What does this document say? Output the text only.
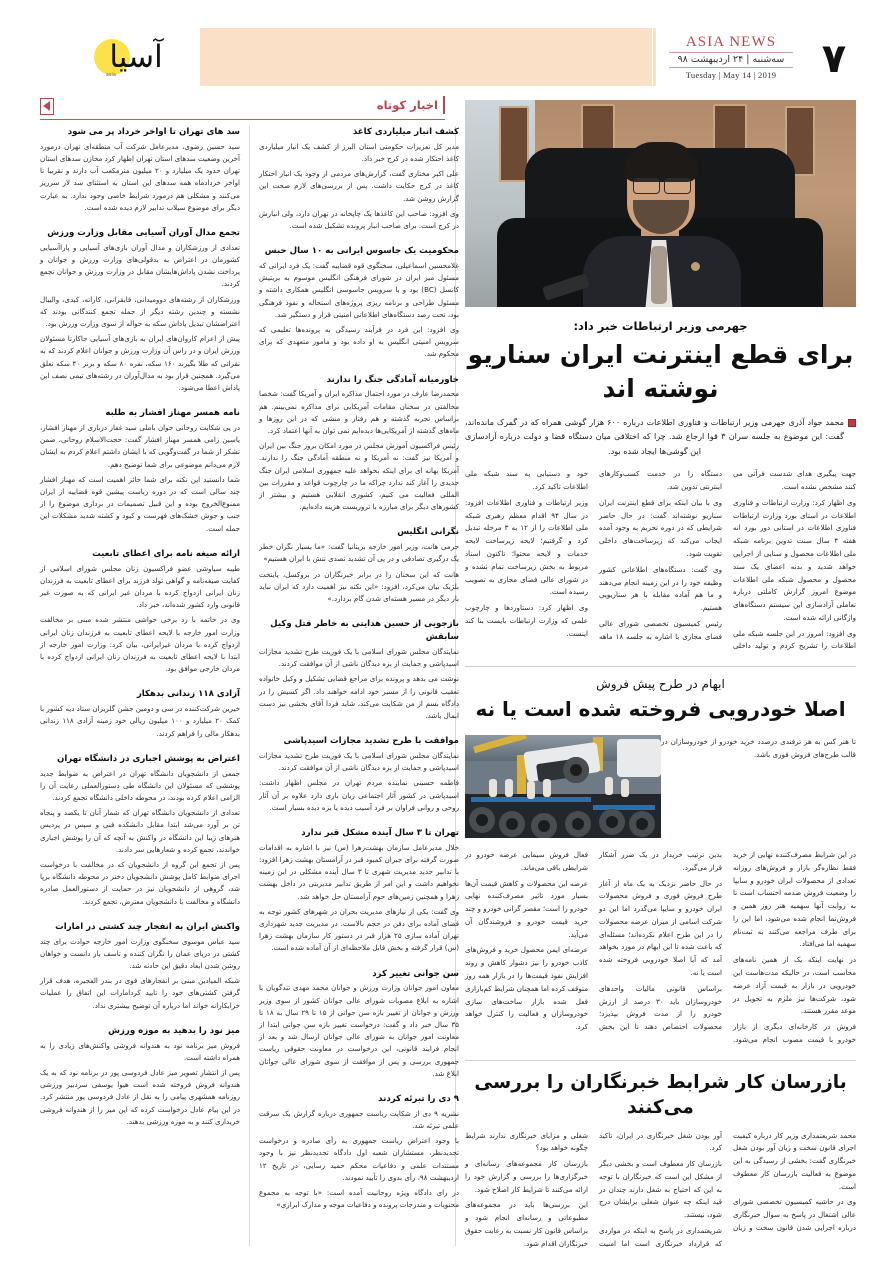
۷
ASIA NEWS
سه‌شنبه | ۲۴ اردیبهشت ۹۸
Tuesday | May 14 | 2019
آسیا
asia
اخبار کوتاه
سد های تهران تا اواخر خرداد پر می شود

سید حسین رضوی، مدیرعامل شرکت آب منطقه‌ای تهران درمورد آخرین وضعیت سدهای استان تهران اظهار کرد مخازن سدهای استان تهران حدود یک میلیارد و ۲۰ میلیون مترمکعب آب دارند و تقریبا تا اواخر خردادماه همه سدهای این استان به استثنای سد لار سرریز می‌کنند و مشکلی هم درمورد شرایط خاصی وجود ندارد. به عبارت دیگر برای موضوع سیلاب تدابیر لازم دیده شده است.

تجمع مدال آوران آسیایی مقابل وزارت ورزش

تعدادی از ورزشکاران و مدال آوران بازی‌های آسیایی و پاراآسیایی کشورمان در اعتراض به بدقولی‌های وزارت ورزش و جوانان و پرداخت نشدن پاداش‌هایشان مقابل در وزارت ورزش و جوانان تجمع کردند.

ورزشکاران از رشته‌های دوومیدانی، قایقرانی، کاراته، کبدی، والیبال نشسته و چندین رشته دیگر از جمله تجمع کنندگانی بودند که اعتراضشان تبدیل پاداش سکه به حواله از سوی وزارت ورزش بود.

پیش از اعزام کاروان‌های ایران به بازی‌های آسیایی جاکارتا مسئولان ورزش ایران و در راس آن وزارت ورزش و جوانان اعلام کردند که به نفراتی که طلا بگیرند ۱۶۰ سکه، نفره ۸۰ سکه و برنز ۴۰ سکه تعلق می‌گیرد. همچنین قرار بود به مدال‌آوران در رشته‌های تیمی نصف این پاداش اعطا می‌شود.

نامه همسر مهناز افشار به طلبه

در پی شکایت روحانی جوان باملی سید غفار درباری از مهناز افشار، یاسین زامی همسر مهناز افشار گفت: حجت‌الاسلام روحانی، ضمن تشکر از شما در گفت‌وگویی که با ایشان داشتم اعلام کردم به ایشان لازم می‌دانم موضوعی برای شما توضیح دهم.

شما دانستید این نکته برای شما حائز اهمیت است که مهناز افشار چند سالی است که در دوره رباست پیشین قوه قضاییه از ایران ممنوع‌الخروج بوده و این قبیل تصمیمات در بردازی موضوع را از جنب و جوش خشک‌های فهرست و کبود و کشته شدید مشکلات این جمله است.

ارائه صیغه نامه برای اعطای تابعیت

طیبه سیاوشی عضو فراکسیون زنان مجلس شورای اسلامی از کفایت صیغه‌نامه و گواهی تولد فرزند برای اعطای تابعیت به فرزندان زنان ایرانی ازدواج کرده با مردان غیر ایرانی که به صورت غیر قانونی وارد کشور شده‌اند، خبر داد.

وی در خاتمه با رد برخی حواشی منتشر شده مبنی بر مخالفت وزارت امور خارجه با لایحه اعطای تابعیت به فرزندان زنان ایرانی ازدواج کرده با مردان غیرایرانی، بیان کرد: وزارت امور خارجه از ابتدا با لایحه اعطای تابعیت به فرزندان زنان ایرانی ازدواج کرده با مردان خارجی موافق بود.

آزادی ۱۱۸ زندانی بدهکار

خیرین شرکت‌کننده در سی و دومین جشن گلریزان ستاد دیه کشور با کمک ۲۰ میلیارد و ۱۰۰ میلیون ریالی خود زمینه آزادی ۱۱۸ زندانی بدهکار مالی را فراهم کردند.

اعتراض به پوشش اجباری در دانشگاه تهران

جمعی از دانشجویان دانشگاه تهران در اعتراض به ضوابط جدید پوششی که مسئولان این دانشگاه طی دستورالعملی رعایت آن را الزامی اعلام کرده بودند، در محوطه داخلی دانشگاه تجمع کردند.

تعدادی از دانشجویان دانشگاه تهران که شمار آنان تا یکصد و پنجاه تن بر آورد می‌شد ابتدا مقابل دانشکده فنی و سپس در پردیس هنرهای زیبا این دانشگاه در واکنش به آنچه که آن را پوشش اجباری خواندند، تجمع کرده و شعارهایی سر دادند.

پس از تجمع این گروه از دانشجویان که در مخالفت با درخواست اجرای ضوابط کامل پوشش دانشجویان دختر در محوطه دانشگاه برپا شد، گروهی از دانشجویان نیز در حمایت از دستورالعمل صادره دانشگاه و مخالفت با دانشجویان معترض، تجمع کردند.

واکنش ایران به انفجار چند کشتی در امارات

سید عباس موسوی سخنگوی وزارت امور خارجه حوادث برای چند کشتی در دریای عمان را نگران کننده و تاسف بار دانست و خواهان روشن شدن ابعاد دقیق این حادثه شد.

شبکه المیادین مبنی بر انفجارهای قوی در بندر الفجیره، هدف قرار گرفتن کشتی‌های خود را تایید کردامارات این اتفاق را عملیات خرابکارانه خواند اما درباره آن توضیح بیشتری نداد.

میز نود را بدهید به موزه ورزش

فروش میز برنامه نود به هندوانه فروشی واکنش‌های زیادی را به همراه داشته است.

پس از انتشار تصویر میز عادل فردوسی پور در برنامه نود که به یک هندوانه فروش فروخته شده است هیوا یوسفی سردبیر ورزشی روزنامه همشهری پیامی را به نقل از عادل فردوسی پور منتشر کرد. در این پیام عادل درخواست کرده که این میز را از هندوانه فروشی خریداری کنند و به موزه ورزشی بدهند.

کشف انبار میلیاردی کاغذ

مدیر کل تعزیرات حکومتی استان البرز از کشف یک انبار میلیاردی کاغذ احتکار شده در کرج خبر داد.

علی اکبر مختاری گفت، گزارش‌های مردمی از وجود یک انبار احتکار کاغذ در کرج حکایت داشت. پس از بررسی‌های لازم صحت این گزارش روشن شد.

وی افزود: صاحب این کاغذها یک چاپخانه در تهران دارد، ولی انبارش در کرج است. برای صاحب انبار پرونده تشکیل شده است.

محکومیت یک جاسوس ایرانی به ۱۰ سال حبس

غلامحسین اسماعیلی، سخنگوی قوه قضاییه گفت: یک فرد ایرانی که مسئول میز ایران در شورای فرهنگی انگلیس موسوم به بریتیش کانسل (BC) بود و با سرویس جاسوسی انگلیس همکاری داشته و مسئول طراحی و برنامه ریزی پروژه‌های استحاله و نفوذ فرهنگی بود، تحت رصد دستگاه‌های اطلاعاتی امنیتی قرار و دستگیر شد.

وی افزود: این فرد در فرآیند رسیدگی به پرونده‌ها تعلیمی که سرویس امنیتی انگلیس به او داده بود و مامور متعهدی که برای محکوم شد.

خاورمیانه آمادگی جنگ را ندارند

محمدرضا عارف در مورد احتمال مذاکره ایران و آمریکا گفت: شخصا مخالفتی در سخنان مقامات آمریکایی برای مذاکره نمی‌بینم. هم براساس تجربه گذشته و هم رفتار و منشی که در این روزها و ماه‌های گذشته از آمریکایی‌ها دیده‌ایم نمی توان به آنها اعتماد کرد.

رئیس فراکسیون آموزش مجلس در مورد امکان بروز جنگ بین ایران و آمریکا نیز گفت: نه آمریکا و نه منطقه آمادگی جنگ را ندارند. آمریکا بهانه ای برای اینکه بخواهد علیه جمهوری اسلامی ایران جنگ جدیدی را آغاز کند ندارد چراکه ما در چارچوب قواعد و مقررات بین المللی فعالیت می کنیم، کشوری انقلابی هستیم و بیشتر از کشورهای دیگر برای مبارزه با تروریست هزینه داده‌ایم.

نگرانی انگلیس

جرمی هانت، وزیر امور خارجه بریتانیا گفت: «ما بسیار نگران خطر یک درگیری تصادفی و در پی آن تشدید تصدی تنش با ایران هستیم»

هانت که این سخنان را در برابر خبرنگاران در بروکسل، پایتخت بلژیک بیان می‌کرد، افزود: «این نکته نیز اهمیت دارد که ایران نباید بار دیگر در مسیر هسته‌ای شدن گام بردارد.»

بازجویی از حسین هدایتی به خاطر قتل وکیل سابقش

نمایندگان مجلس شورای اسلامی با یک فوریت طرح تشدید مجازات اسیدپاشی و حمایت از بزه دیدگان ناشی از آن موافقت کردند.

نوشت می بدهد و پرونده برای مراجع قضایی تشکیل و وکیل خانواده تعقیب قانونی را از مسیر خود ادامه خواهند داد. اگر کسیش را در دادگاه بسم از من شکایت می‌کند، شاید فردا آقای بخشی نیز دست ابمال باشد.

موافقت با طرح تشدید مجازات اسیدپاشی

نمایندگان مجلس شورای اسلامی با یک فوریت طرح تشدید مجازات اسیدپاشی و حمایت از بزه دیدگان ناشی از آن موافقت کردند.

فاطمه حسینی نماینده مردم تهران در مجلس اظهار داشت: اسیدپاشی در کشور آثار اجتماعی زیان باری دارد علاوه بر آن آثار روحی و روانی فراوان بر فرد آسیب دیده یا بزه دیده بسیار است.

تهران تا ۳ سال آینده مشکل قبر ندارد

خلال مدیرعامل سازمان بهشت‌زهرا (س) نیز با اشاره به اقدامات صورت گرفته برای جبران کمبود قبر در آرامستان بهشت زهرا افزود: با تدابیر جدید مدیریت شهری تا ۳ سال آینده مشکلی در این زمینه نخواهیم داشت و این امر از طریق تدابیر مدیریتی در داخل بهشت زهرا و همچنین زمین‌های حوم آرامستان حل خواهد شد.

وی گفت: یکی از نیازهای مدیریت بحران در شهرهای کشور توجه به فضای آماده برای دفن در حجم بالاست. در مدیریت جدید شهرداری تهران آماده سازی ۲۵ هزار قبر در دستور کار سازمان بهشت زهرا (س) قرار گرفته و بخش قابل ملاحظه‌ای از آن آماده شده است.

سن جوانی تغییر کرد

معاون امور جوانان وزارت ورزش و جوانان محمد مهدی تندگویان با اشاره به ابلاغ مصوبات شورای عالی جوانان کشور از سوی وزیر ورزش و جوانان از تغییر بازه سن جوانی از ۱۵ تا ۲۹ سال به ۱۸ تا ۳۵ سال خبر داد و گفت: درخواست تغییر بازه سن جوانی ابتدا از معاونت امور جوانان به شورای عالی جوانان ارسال شد و بعد از انجام فرایند قانونی، این درخواست در معاونت حقوقی ریاست جمهوری بررسی و پس از موافقت از سوی شورای عالی جوانان ابلاغ شد.

۹ دی را تبرئه کردند

نشریه ۹ دی از شکایت ریاست جمهوری درباره گزارش یک سرقت علمی تبرئه شد.

با وجود اعتراض ریاست جمهوری به رأی صادره و درخواست تجدیدنظر، مستشاران شعبه اول دادگاه تجدیدنظر نیز با وجود مستندات علمی و دفاعیات محکم حمید رسایی، در تاریخ ۱۲ اردیبهشت ۹۸، رأی بدوی را تأیید نمودند.

در رای دادگاه ویژه روحانیت آمده است: «با توجه به مجموع محتویات و مندرجات پرونده و دفاعیات موجه و مدارک ابرازی»

جهرمی وزیر ارتباطات خبر داد:
برای قطع اینترنت ایران سناریو نوشته اند
محمد جواد آذری جهرمی وزیر ارتباطات و فناوری اطلاعات درباره ۶۰۰ هزار گوشی همراه که در گمرک مانده‌اند، گفت: این موضوع به جلسه سران ۳ قوا ارجاع شد. چرا که اختلافی میان دستگاه قضا و دولت درباره آزادسازی این گوشی‌ها ایجاد شده بود.

جهت پیگیری هدای شدست فرآتی می کنند مشخص نشده است.

وی اظهار کرد: وزارت ارتباطات و فناوری اطلاعات در استای بورد وزارت ارتباطات فناوری اطلاعات در استانی دور بورد انه هفته ۴ سال سنت تدوین برنامه شبکه ملی اطلاعات محصول و سنایی از اجرایی خواهد شدید و بدنه اعضای یک سند محصول و محصول شبکه ملی اطلاعات موضوع امروز گزارش کاملتی درباره تعاملی آزادسازی این سیستم دستگاه‌های واژگانی ارائه شده است.

وی افزود: امروز در این جلسه شبکه ملی اطلاعات را تشریح کردم و تولید داخلی دستگاه را در خدمت کسب‌وکارهای اینترنتی تدوین شد.

وی با بیان اینکه برای قطع اینترنت ایران سناریو نوشته‌اند گفت: در حال حاضر شرایطی که در دوره تحریم به وجود آمده ایجاب می‌کند که زیرساخت‌های داخلی تقویت شود.

وی گفت: دستگاه‌های اطلاعاتی کشور وظیفه خود را در این زمینه انجام می‌دهند و ما هم آماده مقابله با هر سناریویی هستیم.

رئیس کمیسیون تخصصی شورای عالی فضای مجازی با اشاره به جلسه ۱۸ ماهه خود و دستیابی به سند شبکه ملی اطلاعات تاکید کرد.

وزیر ارتباطات و فناوری اطلاعات افزود: در سال ۹۴ اقدام معظم رهبری شبکه ملی اطلاعات را از ۱۲ به ۳ مرحله تبدیل کرد و گرفتیم؛ لایحه زیرساخت لایحه خدمات و لایحه محتوا؛ تاکنون اسناد مربوط به بخش زیرساخت تمام نشده و در شورای عالی فضای مجازی به تصویب رسیده است.

وی اظهار کرد: دستاوردها و چارچوب علمی که وزارت ارتباطات بایست بنا کند اینست.

ابهام در طرح پیش فروش
اصلا خودرویی فروخته شده است یا نه
تا هنر کس به هر ترفندی درصدد خرید خودرو از خودروسازان در قالب طرح‌های فروش فوری باشد.

در این شرایط مصرف‌کننده نهایی از خرید فقط نظاره‌گر بازار و فروش‌های روزانه تعدادی از محصولات ایران خودرو و سایپا را وضعیت فروش صدمه احتساب است تا به روایت آنها سهمیه هنر روز همین و فروش‌نما انجام شده می‌شود، اما این را برای طرف مراجعه می‌کنند به ثبت‌نام سهمیه اما می‌افتاد.

در نهایت اینکه یک از همین نامه‌های محاسب است، در حالیکه مدت‌هاست این خودرویی در بازار به قیمت آزاد عرضه شود، شرکت‌ها نیز ملزم به تحویل در موعد مقرر هستند.

فروش در کارخانه‌ای دیگری از بازار خودرو با قیمت مصوب انجام می‌شود. بدین ترتیب خریدار در یک ضرر آشکار قرار می‌گیرد.

در حال حاضر نزدیک به یک ماه از آغاز طرح فروش فوری و فروش محصولات ایران خودرو و سایپا می‌گذرد اما این دو شرکت اسامی از میزان عرضه محصولات را در این طرح اعلام نکرده‌اند؛ مسئله‌ای که باعث شده تا این ایهام در مورد بخواهد آمد که آیا اصلا خودرویی فروخته شده است یا نه.

براساس قانونی مالیات واحدهای خودروسازان باید ۳۰ درصد از ارزش خودرو را از مدت فروش بپذیرد؛ محصولات احتصاص دهند تا این بخش فعال فروش سیمایی عرضه خودرو در شرایطی باقی می‌ماند.

عرضه این محصولات و کاهش قیمت آن‌ها بسیار مورد تاثیر مصرف‌کننده نهایی خودرو را است؛ مقصر گرانی خودرو و چند خرید قیمت خودرو و فروشندگان آن می‌آید.

عرضه‌ای ایمن محصول خرید و فروش‌های کاذب خودرو را نیز دشوار کاهش و روند افزایش نفوذ قیمت‌ها را در بازار همه روز متوقف کرده اما همچنان شرایط کم‌بازاری فعل شده بازار ساخت‌های سازی خودروسازان و فعالیت را کنترل خواهد کرد.

بازرسان کار شرابط خبرنگاران را بررسی می‌کنند

محمد شریعتمداری وزیر کار درباره کیفیت اجرای قانون سخت و زیان آور بودن شغل خبرنگاری گفت: بخشی از رسیدگی به این موضوع به فعالیت بازرسان کار معطوف است.

وی در حاشیه کمیسیون تخصصی شورای عالی اشتغال در پاسخ به سوال خبرنگاری درباره اجرایی شدن قانون سخت و زیان آور بودن شغل خبرنگاری در ایران، تاکید کرد.

بازرسان کار معطوف است و بخشی دیگر از مشکل این است که خبرنگاران با توجه به این که احتیاج به شغل دارند چندان در قید اینکه چه عنوان شغلی برایشان درج شود، نیستند.

شریعتمداری در پاسخ به اینکه در مواردی که قرارداد خبرنگاری است اما امنیت شغلی و مزایای خبرنگاری ندارند شرایط چگونه خواهد بود؟

بازرسان کار مجموعه‌های رسانه‌ای و خبرگزاری‌ها را بررسی و گزارش خود را ارائه می‌کنند تا شرایط کار اصلاح شود.

این بررسی‌ها باید در مجموعه‌های مطبوعاتی و رسانه‌ای انجام شود و براساس قانون کار نسبت به رعایت حقوق خبرنگاران اقدام شود.
